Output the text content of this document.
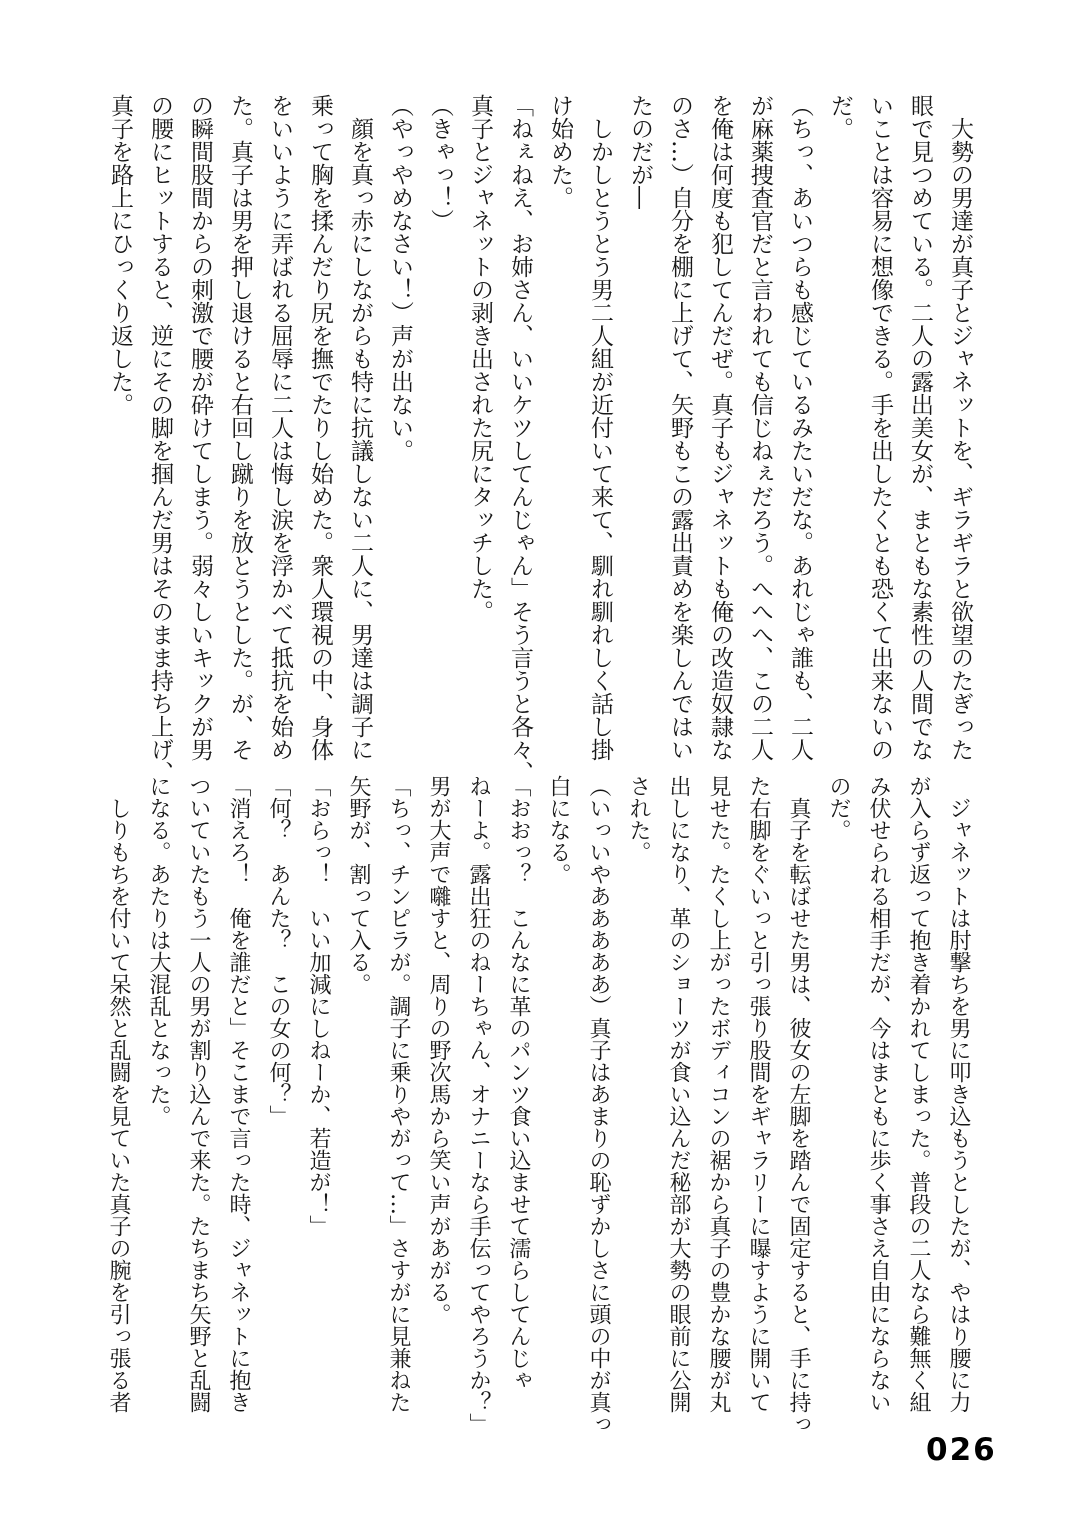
　大勢の男達が真子とジャネットを、ギラギラと欲望のたぎった
眼で見つめている。二人の露出美女が、まともな素性の人間でな
いことは容易に想像できる。手を出したくとも恐くて出来ないの
だ。
（ちっ、あいつらも感じているみたいだな。あれじゃ誰も、二人
が麻薬捜査官だと言われても信じねぇだろう。へへへ、この二人
を俺は何度も犯してんだぜ。真子もジャネットも俺の改造奴隷な
のさ…）自分を棚に上げて、矢野もこの露出責めを楽しんではい
たのだが―
　しかしとうとう男二人組が近付いて来て、馴れ馴れしく話し掛
け始めた。
「ねぇねえ、お姉さん、いいケツしてんじゃん」そう言うと各々、
真子とジャネットの剥き出された尻にタッチした。
（きゃっ！）
（やっやめなさい！）声が出ない。
　顔を真っ赤にしながらも特に抗議しない二人に、男達は調子に
乗って胸を揉んだり尻を撫でたりし始めた。衆人環視の中、身体
をいいように弄ばれる屈辱に二人は悔し涙を浮かべて抵抗を始め
た。真子は男を押し退けると右回し蹴りを放とうとした。が、そ
の瞬間股間からの刺激で腰が砕けてしまう。弱々しいキックが男
の腰にヒットすると、逆にその脚を掴んだ男はそのまま持ち上げ、
真子を路上にひっくり返した。
　ジャネットは肘撃ちを男に叩き込もうとしたが、やはり腰に力
が入らず返って抱き着かれてしまった。普段の二人なら難無く組
み伏せられる相手だが、今はまともに歩く事さえ自由にならない
のだ。
　真子を転ばせた男は、彼女の左脚を踏んで固定すると、手に持っ
た右脚をぐいっと引っ張り股間をギャラリーに曝すように開いて
見せた。たくし上がったボディコンの裾から真子の豊かな腰が丸
出しになり、革のショーツが食い込んだ秘部が大勢の眼前に公開
された。
（いっいやあああああ）真子はあまりの恥ずかしさに頭の中が真っ
白になる。
「おおっ？　こんなに革のパンツ食い込ませて濡らしてんじゃ
ねーよ。露出狂のねーちゃん、オナニーなら手伝ってやろうか？」
男が大声で囃すと、周りの野次馬から笑い声があがる。
「ちっ、チンピラが。調子に乗りやがって…」さすがに見兼ねた
矢野が、割って入る。
「おらっ！　いい加減にしねーか、若造が！」
「何？　あんた？　この女の何？」
「消えろ！　俺を誰だと」そこまで言った時、ジャネットに抱き
ついていたもう一人の男が割り込んで来た。たちまち矢野と乱闘
になる。あたりは大混乱となった。
　しりもちを付いて呆然と乱闘を見ていた真子の腕を引っ張る者
026
